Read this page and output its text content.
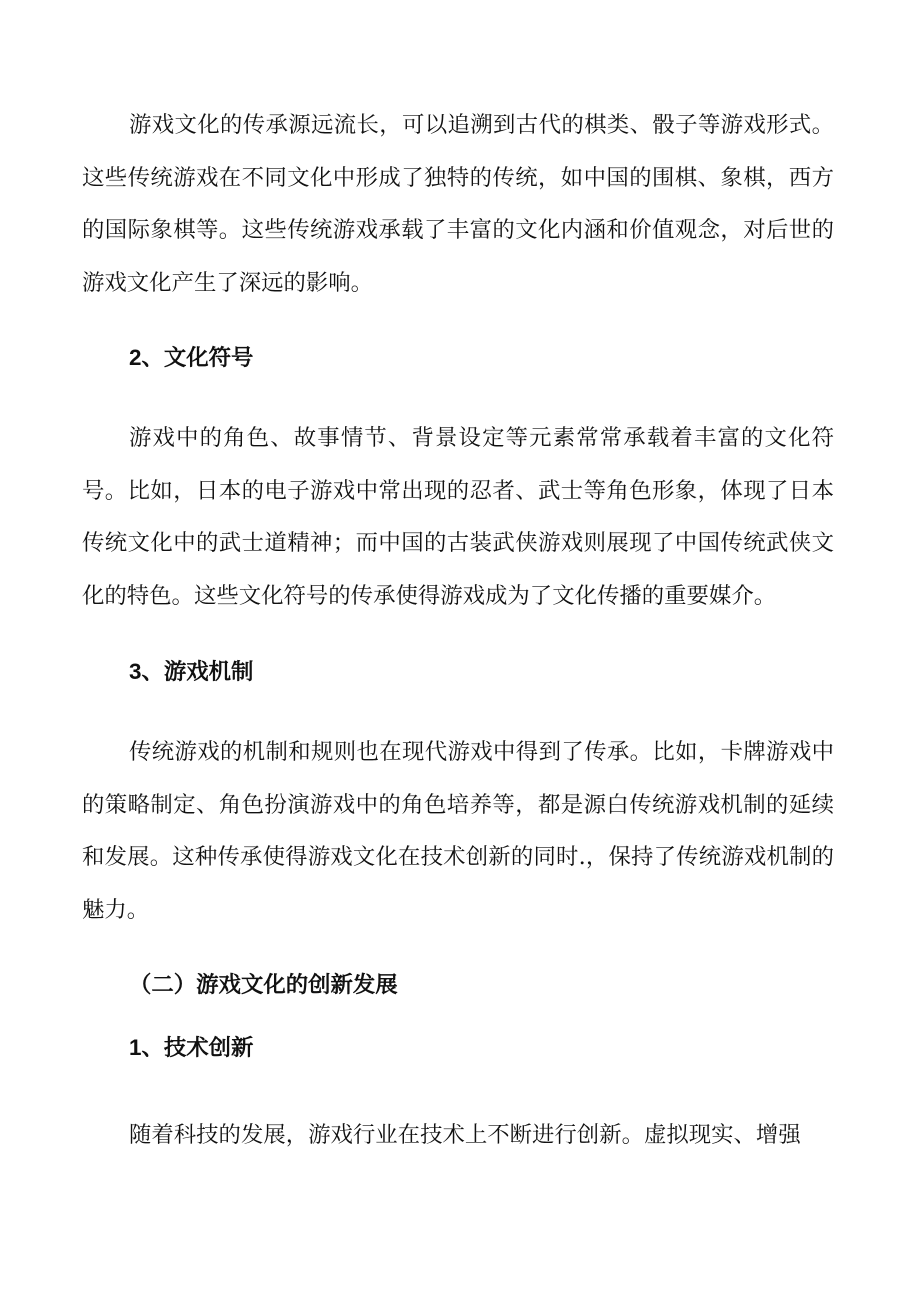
游戏文化的传承源远流长，可以追溯到古代的棋类、骰子等游戏形式。这些传统游戏在不同文化中形成了独特的传统，如中国的围棋、象棋，西方的国际象棋等。这些传统游戏承载了丰富的文化内涵和价值观念，对后世的游戏文化产生了深远的影响。

2、文化符号

游戏中的角色、故事情节、背景设定等元素常常承载着丰富的文化符号。比如，日本的电子游戏中常出现的忍者、武士等角色形象，体现了日本传统文化中的武士道精神；而中国的古装武侠游戏则展现了中国传统武侠文化的特色。这些文化符号的传承使得游戏成为了文化传播的重要媒介。

3、游戏机制

传统游戏的机制和规则也在现代游戏中得到了传承。比如，卡牌游戏中的策略制定、角色扮演游戏中的角色培养等，都是源白传统游戏机制的延续和发展。这种传承使得游戏文化在技术创新的同时.，保持了传统游戏机制的魅力。

（二）游戏文化的创新发展
1、技术创新

随着科技的发展，游戏行业在技术上不断进行创新。虚拟现实、增强
